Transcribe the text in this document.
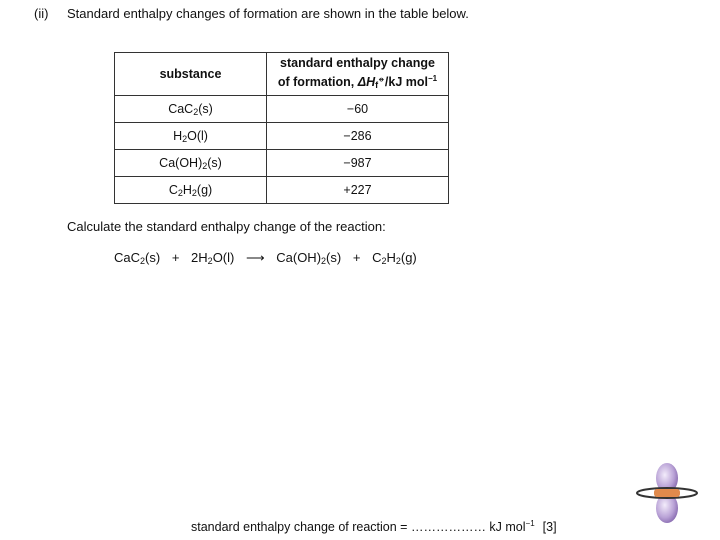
(ii) Standard enthalpy changes of formation are shown in the table below.
substance	standard enthalpy change
of formation, $\Delta H_f^⦵/kJ$ mol$^{-1}$
CaC$_2$(s)	−60
$H_2O(l)$	−286
$Ca(OH)_2(s)$	−987
$C_2H_2(g)$	+227
Calculate the standard enthalpy change of the reaction:
$CaC_2(s) + 2H_2O(l)$ ⟶ $Ca(OH)_2(s) + C_2H_2(g)$
standard enthalpy change of reaction = ……………… kJ mol$^{-1}$ [3]
